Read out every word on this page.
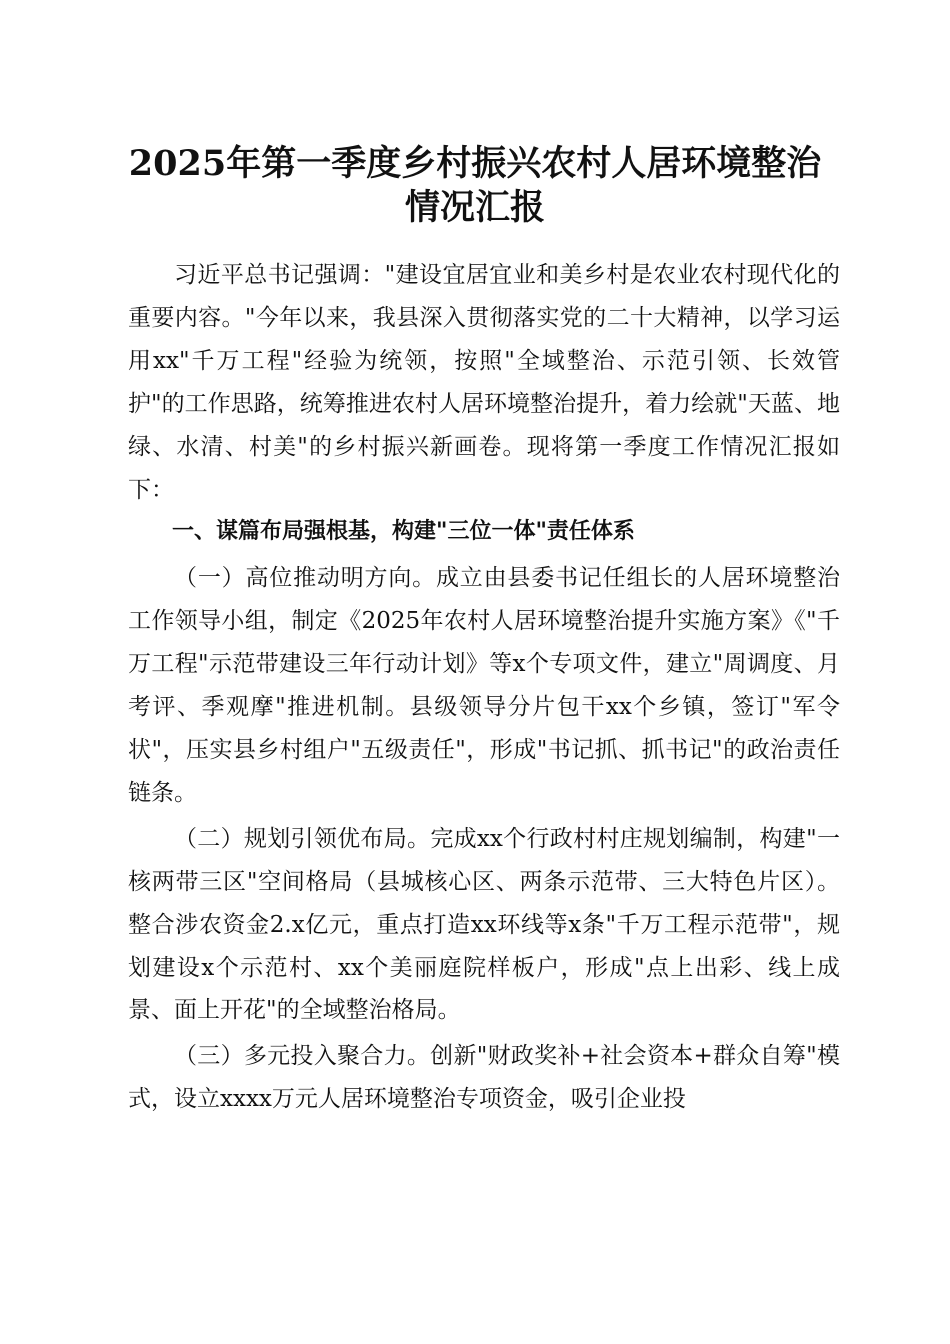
2025年第一季度乡村振兴农村人居环境整治
情况汇报

习近平总书记强调："建设宜居宜业和美乡村是农业农村现代化的重要内容。"今年以来，我县深入贯彻落实党的二十大精神，以学习运用xx"千万工程"经验为统领，按照"全域整治、示范引领、长效管护"的工作思路，统筹推进农村人居环境整治提升，着力绘就"天蓝、地绿、水清、村美"的乡村振兴新画卷。现将第一季度工作情况汇报如下：

一、谋篇布局强根基，构建"三位一体"责任体系

（一）高位推动明方向。成立由县委书记任组长的人居环境整治工作领导小组，制定《2025年农村人居环境整治提升实施方案》《"千万工程"示范带建设三年行动计划》等x个专项文件，建立"周调度、月考评、季观摩"推进机制。县级领导分片包干xx个乡镇，签订"军令状"，压实县乡村组户"五级责任"，形成"书记抓、抓书记"的政治责任链条。

（二）规划引领优布局。完成xx个行政村村庄规划编制，构建"一核两带三区"空间格局（县城核心区、两条示范带、三大特色片区）。整合涉农资金2.x亿元，重点打造xx环线等x条"千万工程示范带"，规划建设x个示范村、xx个美丽庭院样板户，形成"点上出彩、线上成景、面上开花"的全域整治格局。

（三）多元投入聚合力。创新"财政奖补+社会资本+群众自筹"模式，设立xxxx万元人居环境整治专项资金，吸引企业投
